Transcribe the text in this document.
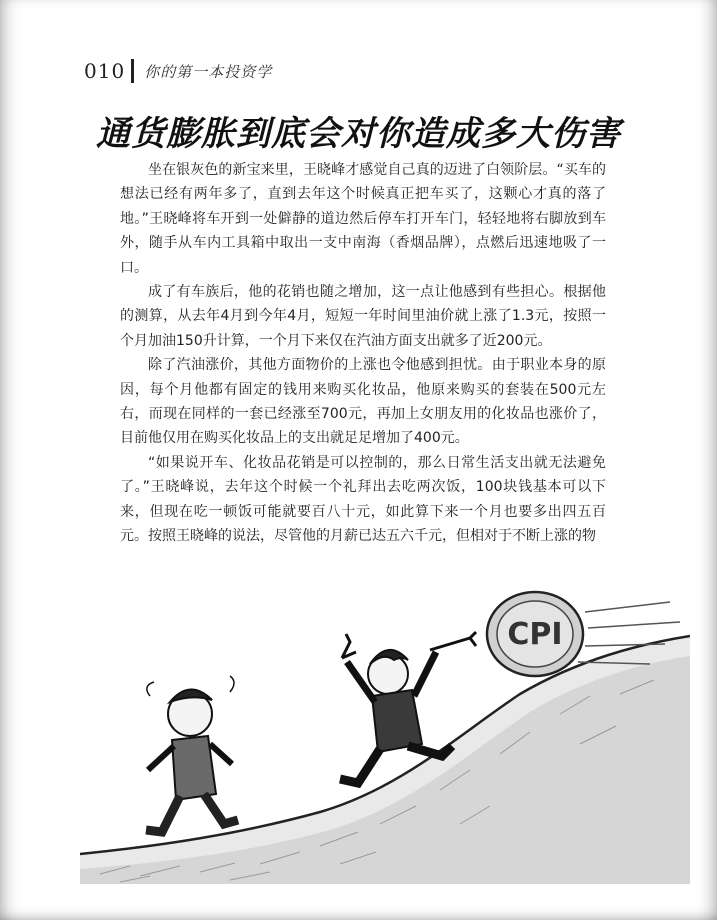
010 你的第一本投资学
通货膨胀到底会对你造成多大伤害

坐在银灰色的新宝来里，王晓峰才感觉自己真的迈进了白领阶层。“买车的想法已经有两年多了，直到去年这个时候真正把车买了，这颗心才真的落了地。”王晓峰将车开到一处僻静的道边然后停车打开车门，轻轻地将右脚放到车外，随手从车内工具箱中取出一支中南海（香烟品牌），点燃后迅速地吸了一口。

成了有车族后，他的花销也随之增加，这一点让他感到有些担心。根据他的测算，从去年4月到今年4月，短短一年时间里油价就上涨了1.3元，按照一个月加油150升计算，一个月下来仅在汽油方面支出就多了近200元。

除了汽油涨价，其他方面物价的上涨也令他感到担忧。由于职业本身的原因，每个月他都有固定的钱用来购买化妆品，他原来购买的套装在500元左右，而现在同样的一套已经涨至700元，再加上女朋友用的化妆品也涨价了，目前他仅用在购买化妆品上的支出就足足增加了400元。

“如果说开车、化妆品花销是可以控制的，那么日常生活支出就无法避免了。”王晓峰说，去年这个时候一个礼拜出去吃两次饭，100块钱基本可以下来，但现在吃一顿饭可能就要百八十元，如此算下来一个月也要多出四五百元。按照王晓峰的说法，尽管他的月薪已达五六千元，但相对于不断上涨的物

CPI
